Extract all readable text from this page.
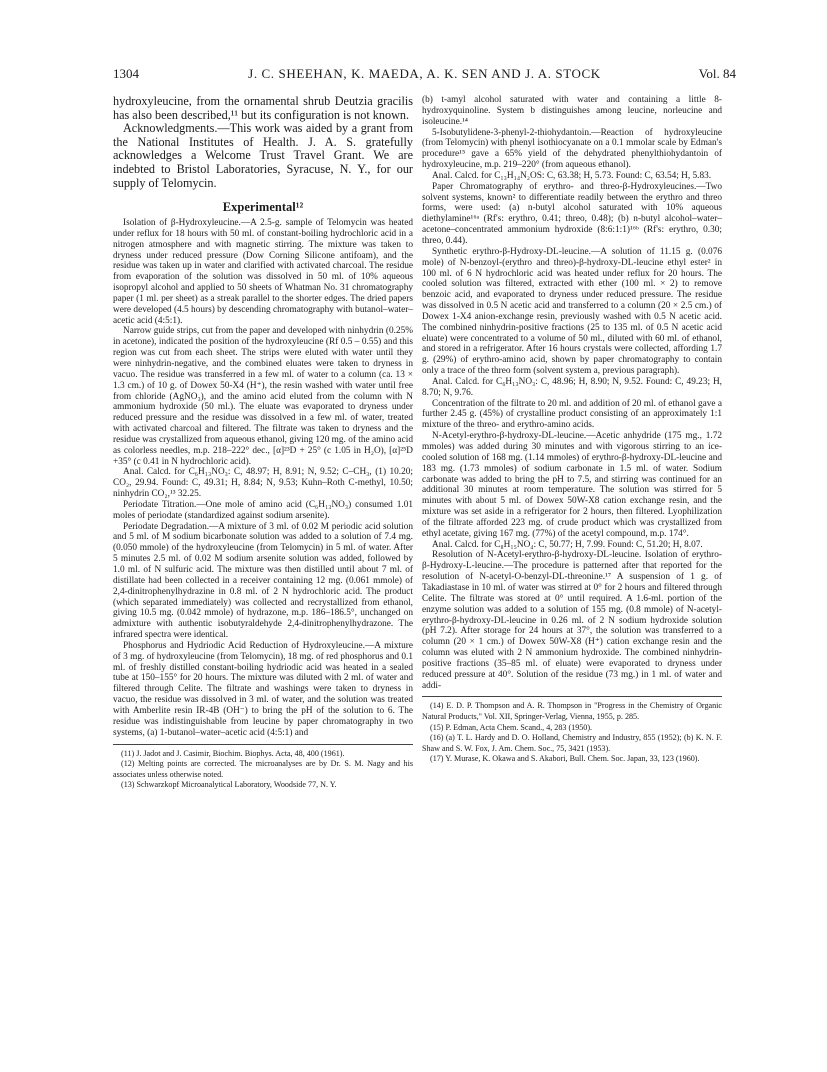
1304	J. C. SHEEHAN, K. MAEDA, A. K. SEN AND J. A. STOCK	Vol. 84

hydroxyleucine, from the ornamental shrub Deutzia gracilis has also been described,¹¹ but its configuration is not known.

Acknowledgments.—This work was aided by a grant from the National Institutes of Health. J. A. S. gratefully acknowledges a Welcome Trust Travel Grant. We are indebted to Bristol Laboratories, Syracuse, N. Y., for our supply of Telomycin.

Experimental¹²

Isolation of β-Hydroxyleucine.—A 2.5-g. sample of Telomycin was heated under reflux for 18 hours with 50 ml. of constant-boiling hydrochloric acid in a nitrogen atmosphere and with magnetic stirring. The mixture was taken to dryness under reduced pressure (Dow Corning Silicone antifoam), and the residue was taken up in water and clarified with activated charcoal. The residue from evaporation of the solution was dissolved in 50 ml. of 10% aqueous isopropyl alcohol and applied to 50 sheets of Whatman No. 31 chromatography paper (1 ml. per sheet) as a streak parallel to the shorter edges. The dried papers were developed (4.5 hours) by descending chromatography with butanol–water–acetic acid (4:5:1).

Narrow guide strips, cut from the paper and developed with ninhydrin (0.25% in acetone), indicated the position of the hydroxyleucine (Rf 0.5 – 0.55) and this region was cut from each sheet. The strips were eluted with water until they were ninhydrin-negative, and the combined eluates were taken to dryness in vacuo. The residue was transferred in a few ml. of water to a column (ca. 13 × 1.3 cm.) of 10 g. of Dowex 50-X4 (H⁺), the resin washed with water until free from chloride (AgNO₃), and the amino acid eluted from the column with N ammonium hydroxide (50 ml.). The eluate was evaporated to dryness under reduced pressure and the residue was dissolved in a few ml. of water, treated with activated charcoal and filtered. The filtrate was taken to dryness and the residue was crystallized from aqueous ethanol, giving 120 mg. of the amino acid as colorless needles, m.p. 218–222° dec., [α]²³D + 25° (c 1.05 in H₂O), [α]²⁵D +35° (c 0.41 in N hydrochloric acid).

Anal. Calcd. for C₆H₁₃NO₃: C, 48.97; H, 8.91; N, 9.52; C–CH₃, (1) 10.20; CO₂, 29.94. Found: C, 49.31; H, 8.84; N, 9.53; Kuhn–Roth C-methyl, 10.50; ninhydrin CO₂,¹³ 32.25.

Periodate Titration.—One mole of amino acid (C₆H₁₃NO₃) consumed 1.01 moles of periodate (standardized against sodium arsenite).

Periodate Degradation.—A mixture of 3 ml. of 0.02 M periodic acid solution and 5 ml. of M sodium bicarbonate solution was added to a solution of 7.4 mg. (0.050 mmole) of the hydroxyleucine (from Telomycin) in 5 ml. of water. After 5 minutes 2.5 ml. of 0.02 M sodium arsenite solution was added, followed by 1.0 ml. of N sulfuric acid. The mixture was then distilled until about 7 ml. of distillate had been collected in a receiver containing 12 mg. (0.061 mmole) of 2,4-dinitrophenylhydrazine in 0.8 ml. of 2 N hydrochloric acid. The product (which separated immediately) was collected and recrystallized from ethanol, giving 10.5 mg. (0.042 mmole) of hydrazone, m.p. 186–186.5°, unchanged on admixture with authentic isobutyraldehyde 2,4-dinitrophenylhydrazone. The infrared spectra were identical.

Phosphorus and Hydriodic Acid Reduction of Hydroxyleucine.—A mixture of 3 mg. of hydroxyleucine (from Telomycin), 18 mg. of red phosphorus and 0.1 ml. of freshly distilled constant-boiling hydriodic acid was heated in a sealed tube at 150–155° for 20 hours. The mixture was diluted with 2 ml. of water and filtered through Celite. The filtrate and washings were taken to dryness in vacuo, the residue was dissolved in 3 ml. of water, and the solution was treated with Amberlite resin IR-4B (OH⁻) to bring the pH of the solution to 6. The residue was indistinguishable from leucine by paper chromatography in two systems, (a) 1-butanol–water–acetic acid (4:5:1) and

(11) J. Jadot and J. Casimir, Biochim. Biophys. Acta, 48, 400 (1961).

(12) Melting points are corrected. The microanalyses are by Dr. S. M. Nagy and his associates unless otherwise noted.

(13) Schwarzkopf Microanalytical Laboratory, Woodside 77, N. Y.

(b) t-amyl alcohol saturated with water and containing a little 8-hydroxyquinoline. System b distinguishes among leucine, norleucine and isoleucine.¹⁴

5-Isobutylidene-3-phenyl-2-thiohydantoin.—Reaction of hydroxyleucine (from Telomycin) with phenyl isothiocyanate on a 0.1 mmolar scale by Edman's procedure¹⁵ gave a 65% yield of the dehydrated phenylthiohydantoin of hydroxyleucine, m.p. 219–220° (from aqueous ethanol).

Anal. Calcd. for C₁₃H₁₄N₂OS: C, 63.38; H, 5.73. Found: C, 63.54; H, 5.83.

Paper Chromatography of erythro- and threo-β-Hydroxyleucines.—Two solvent systems, known² to differentiate readily between the erythro and threo forms, were used: (a) n-butyl alcohol saturated with 10% aqueous diethylamine¹⁶ᵃ (Rf's: erythro, 0.41; threo, 0.48); (b) n-butyl alcohol–water–acetone–concentrated ammonium hydroxide (8:6:1:1)¹⁶ᵇ (Rf's: erythro, 0.30; threo, 0.44).

Synthetic erythro-β-Hydroxy-DL-leucine.—A solution of 11.15 g. (0.076 mole) of N-benzoyl-(erythro and threo)-β-hydroxy-DL-leucine ethyl ester² in 100 ml. of 6 N hydrochloric acid was heated under reflux for 20 hours. The cooled solution was filtered, extracted with ether (100 ml. × 2) to remove benzoic acid, and evaporated to dryness under reduced pressure. The residue was dissolved in 0.5 N acetic acid and transferred to a column (20 × 2.5 cm.) of Dowex 1-X4 anion-exchange resin, previously washed with 0.5 N acetic acid. The combined ninhydrin-positive fractions (25 to 135 ml. of 0.5 N acetic acid eluate) were concentrated to a volume of 50 ml., diluted with 60 ml. of ethanol, and stored in a refrigerator. After 16 hours crystals were collected, affording 1.7 g. (29%) of erythro-amino acid, shown by paper chromatography to contain only a trace of the threo form (solvent system a, previous paragraph).

Anal. Calcd. for C₆H₁₃NO₃: C, 48.96; H, 8.90; N, 9.52. Found: C, 49.23; H, 8.70; N, 9.76.

Concentration of the filtrate to 20 ml. and addition of 20 ml. of ethanol gave a further 2.45 g. (45%) of crystalline product consisting of an approximately 1:1 mixture of the threo- and erythro-amino acids.

N-Acetyl-erythro-β-hydroxy-DL-leucine.—Acetic anhydride (175 mg., 1.72 mmoles) was added during 30 minutes and with vigorous stirring to an ice-cooled solution of 168 mg. (1.14 mmoles) of erythro-β-hydroxy-DL-leucine and 183 mg. (1.73 mmoles) of sodium carbonate in 1.5 ml. of water. Sodium carbonate was added to bring the pH to 7.5, and stirring was continued for an additional 30 minutes at room temperature. The solution was stirred for 5 minutes with about 5 ml. of Dowex 50W-X8 cation exchange resin, and the mixture was set aside in a refrigerator for 2 hours, then filtered. Lyophilization of the filtrate afforded 223 mg. of crude product which was crystallized from ethyl acetate, giving 167 mg. (77%) of the acetyl compound, m.p. 174°.

Anal. Calcd. for C₈H₁₅NO₄: C, 50.77; H, 7.99. Found: C, 51.20; H, 8.07.

Resolution of N-Acetyl-erythro-β-hydroxy-DL-leucine. Isolation of erythro-β-Hydroxy-L-leucine.—The procedure is patterned after that reported for the resolution of N-acetyl-O-benzyl-DL-threonine.¹⁷ A suspension of 1 g. of Takadiastase in 10 ml. of water was stirred at 0° for 2 hours and filtered through Celite. The filtrate was stored at 0° until required. A 1.6-ml. portion of the enzyme solution was added to a solution of 155 mg. (0.8 mmole) of N-acetyl-erythro-β-hydroxy-DL-leucine in 0.26 ml. of 2 N sodium hydroxide solution (pH 7.2). After storage for 24 hours at 37°, the solution was transferred to a column (20 × 1 cm.) of Dowex 50W-X8 (H⁺) cation exchange resin and the column was eluted with 2 N ammonium hydroxide. The combined ninhydrin-positive fractions (35–85 ml. of eluate) were evaporated to dryness under reduced pressure at 40°. Solution of the residue (73 mg.) in 1 ml. of water and addi-

(14) E. D. P. Thompson and A. R. Thompson in "Progress in the Chemistry of Organic Natural Products," Vol. XII, Springer-Verlag, Vienna, 1955, p. 285.

(15) P. Edman, Acta Chem. Scand., 4, 283 (1950).

(16) (a) T. L. Hardy and D. O. Holland, Chemistry and Industry, 855 (1952); (b) K. N. F. Shaw and S. W. Fox, J. Am. Chem. Soc., 75, 3421 (1953).

(17) Y. Murase, K. Okawa and S. Akabori, Bull. Chem. Soc. Japan, 33, 123 (1960).
